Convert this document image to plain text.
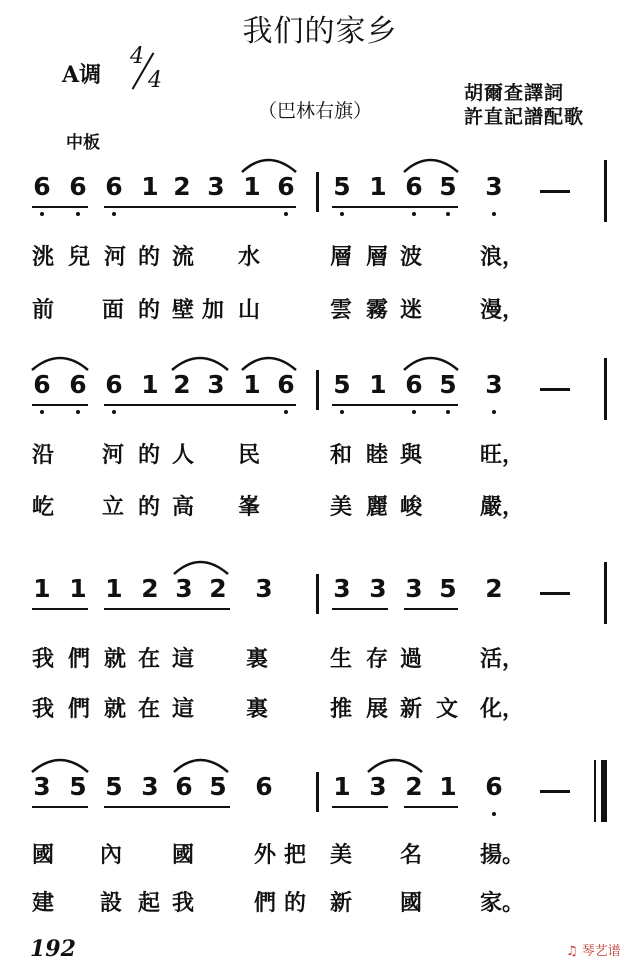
我们的家乡
A调
4
4	胡爾查譯詞
許直記譜配歌
（巴林右旗）
中板
6 6 6 1 2 3 1 6 5 1 6 5 3
洮 兒 河 的 流 水	層 層 波	浪，
前 面 的 壁 加 山	雲 霧 迷	漫，
6 6 6 1 2 3 1 6 5 1 6 5 3
沿 河 的 人 民	和 睦 與	旺，
屹 立 的 高 峯	美 麗 峻	嚴，
1 1 1 2 3 2 3 3 3 3 5 2
我 們 就 在 這 裏	生 存 過	活，
我 們 就 在 這 裏	推 展 新 文 化，
3 5 5 3 6 5 6 1 3 2 1 6
國 內 國	外 把 美 名	揚。
建 設 起 我	們 的 新 國	家。
192	♫ 琴艺谱
